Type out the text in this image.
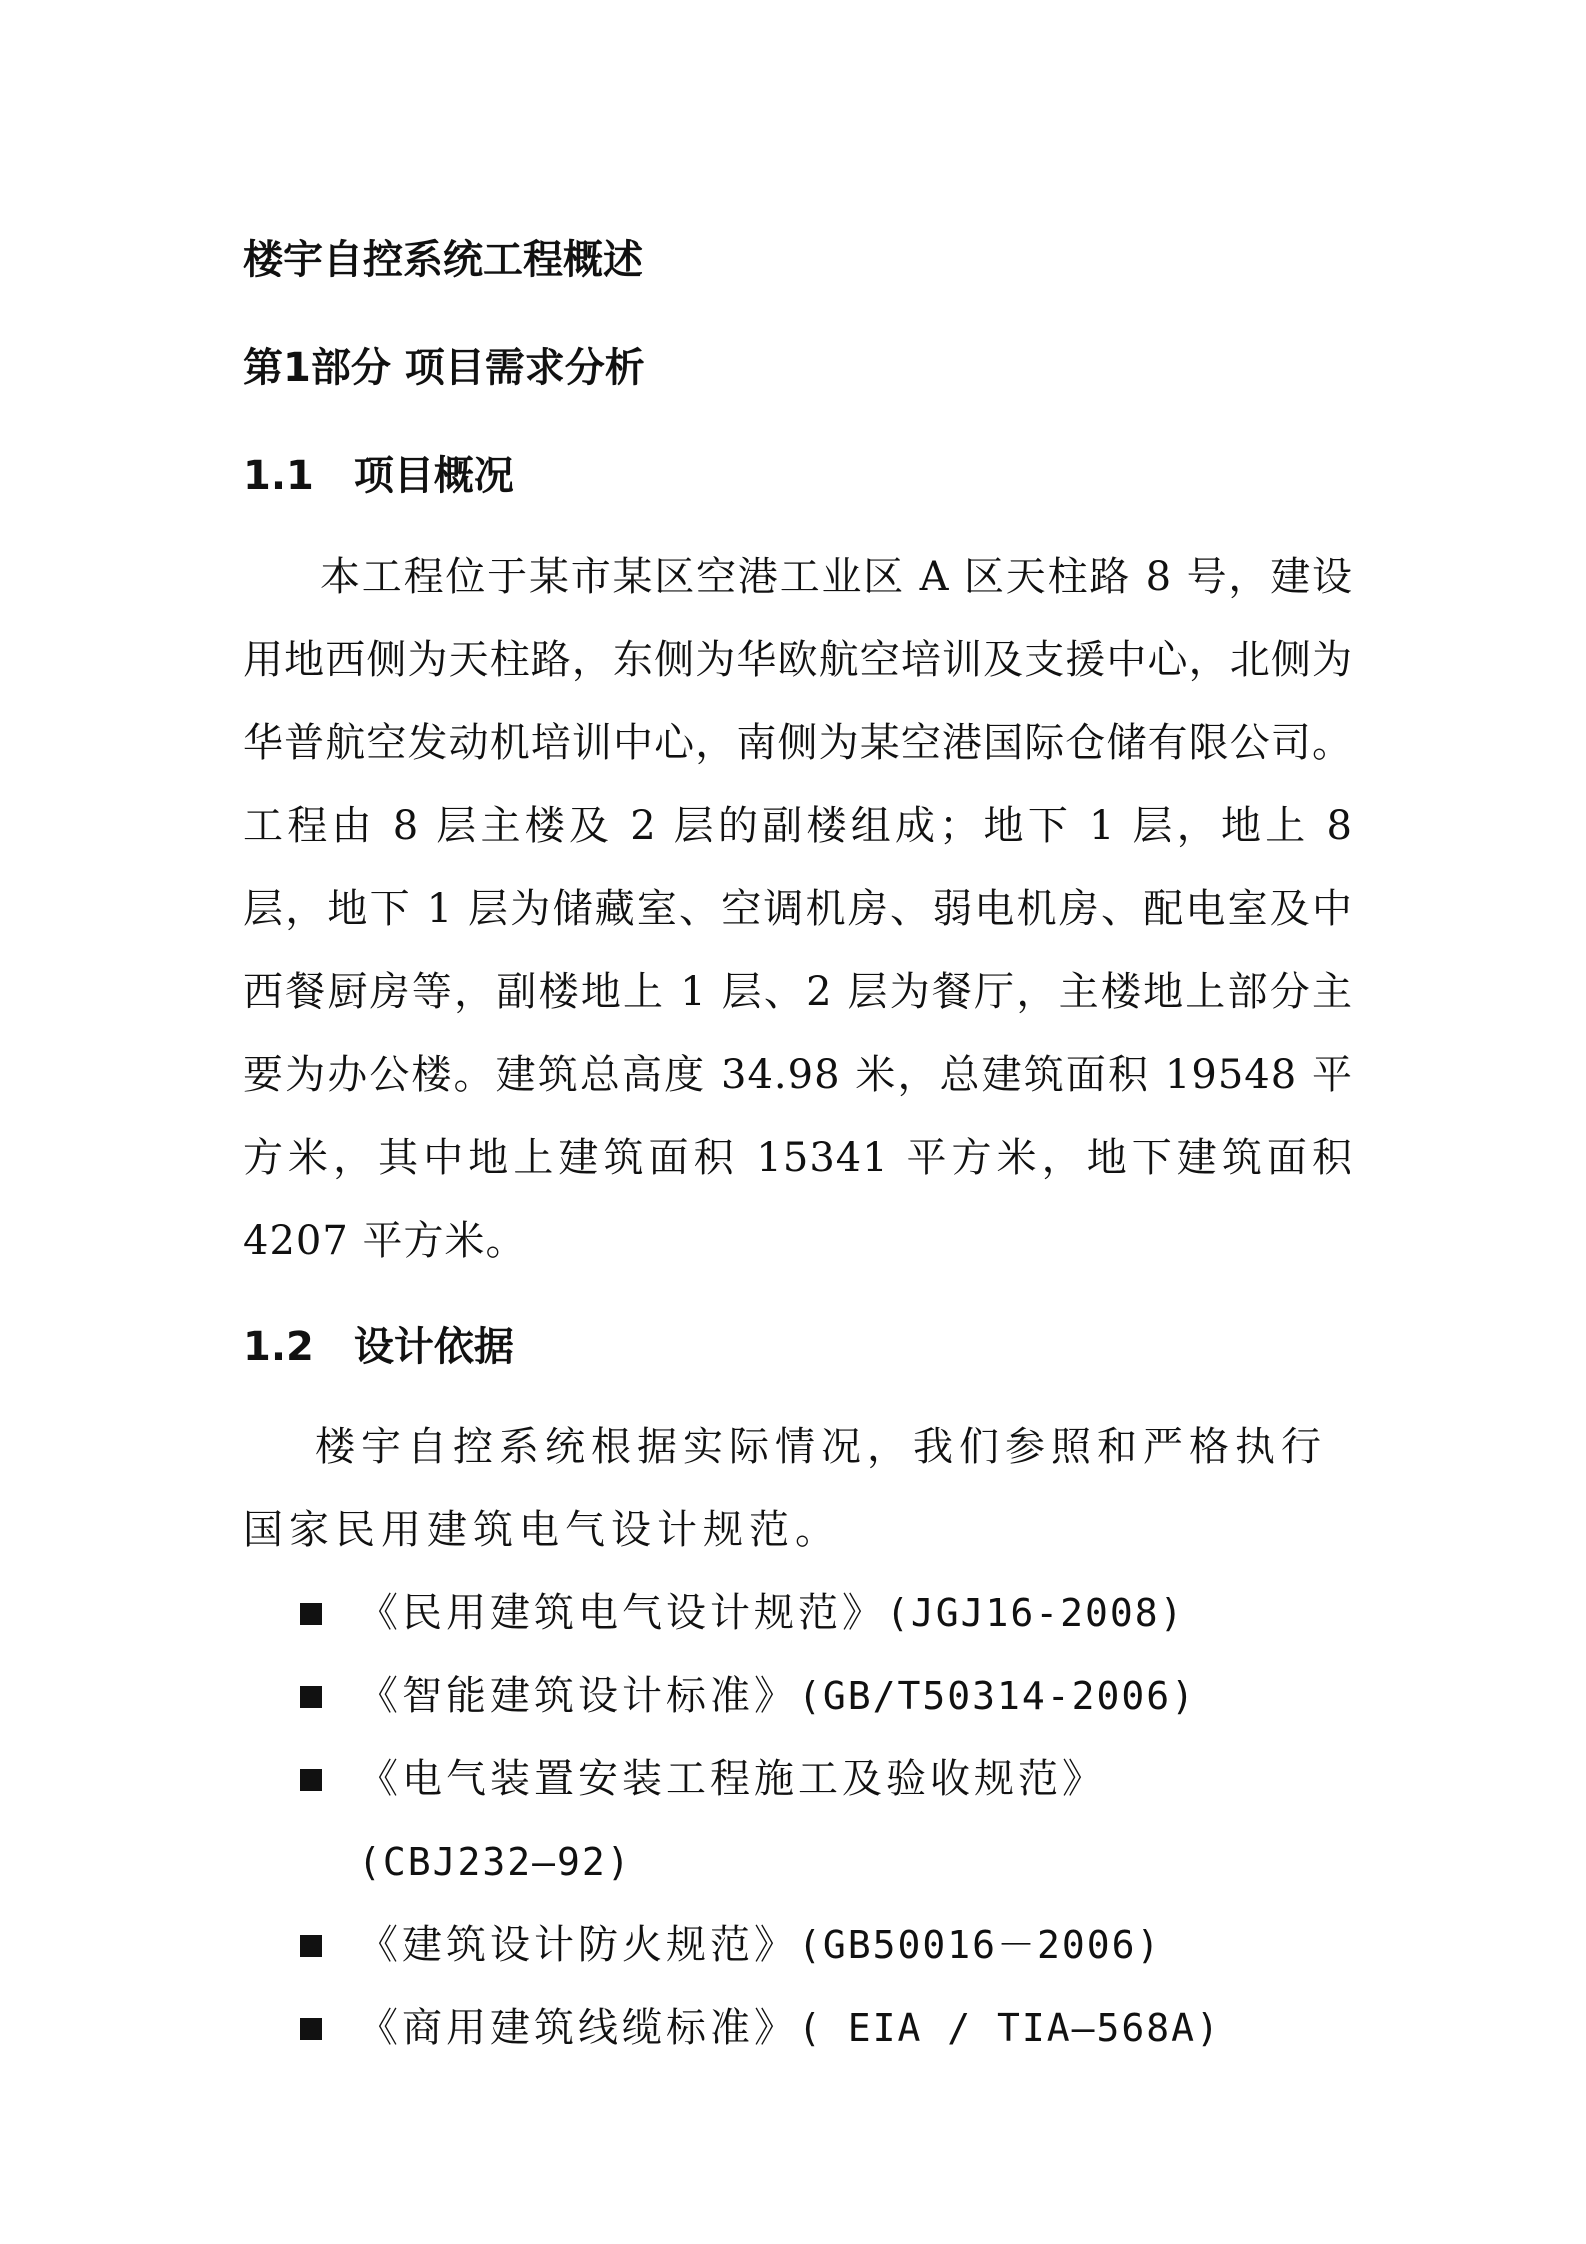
楼宇自控系统工程概述
第1部分 项目需求分析
1.1　项目概况
本工程位于某市某区空港工业区 A 区天柱路 8 号，建设用地西侧为天柱路，东侧为华欧航空培训及支援中心，北侧为华普航空发动机培训中心，南侧为某空港国际仓储有限公司。工程由 8 层主楼及 2 层的副楼组成；地下 1 层，地上 8 层，地下 1 层为储藏室、空调机房、弱电机房、配电室及中西餐厨房等，副楼地上 1 层、2 层为餐厅，主楼地上部分主要为办公楼。建筑总高度 34.98 米，总建筑面积 19548 平方米，其中地上建筑面积 15341 平方米，地下建筑面积 4207 平方米。
1.2　设计依据
楼宇自控系统根据实际情况，我们参照和严格执行国家民用建筑电气设计规范。
《民用建筑电气设计规范》(JGJ16-2008)
《智能建筑设计标准》(GB/T50314-2006)
《电气装置安装工程施工及验收规范》
(CBJ232—92)
《建筑设计防火规范》(GB50016－2006)
《商用建筑线缆标准》( EIA / TIA—568A)
